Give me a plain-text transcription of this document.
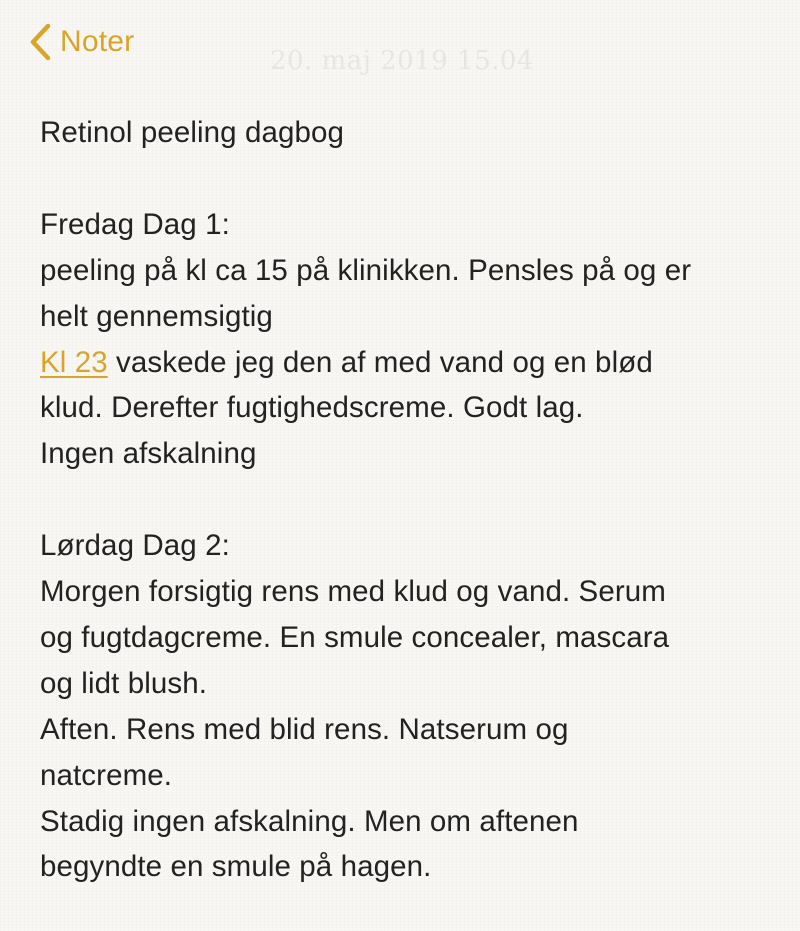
Noter
20. maj 2019 15.04
Retinol peeling dagbog
Fredag Dag 1:
peeling på kl ca 15 på klinikken. Pensles på og er
helt gennemsigtig
Kl 23 vaskede jeg den af med vand og en blød
klud. Derefter fugtighedscreme. Godt lag.
Ingen afskalning
Lørdag Dag 2:
Morgen forsigtig rens med klud og vand. Serum
og fugtdagcreme. En smule concealer, mascara
og lidt blush.
Aften. Rens med blid rens. Natserum og
natcreme.
Stadig ingen afskalning. Men om aftenen
begyndte en smule på hagen.
